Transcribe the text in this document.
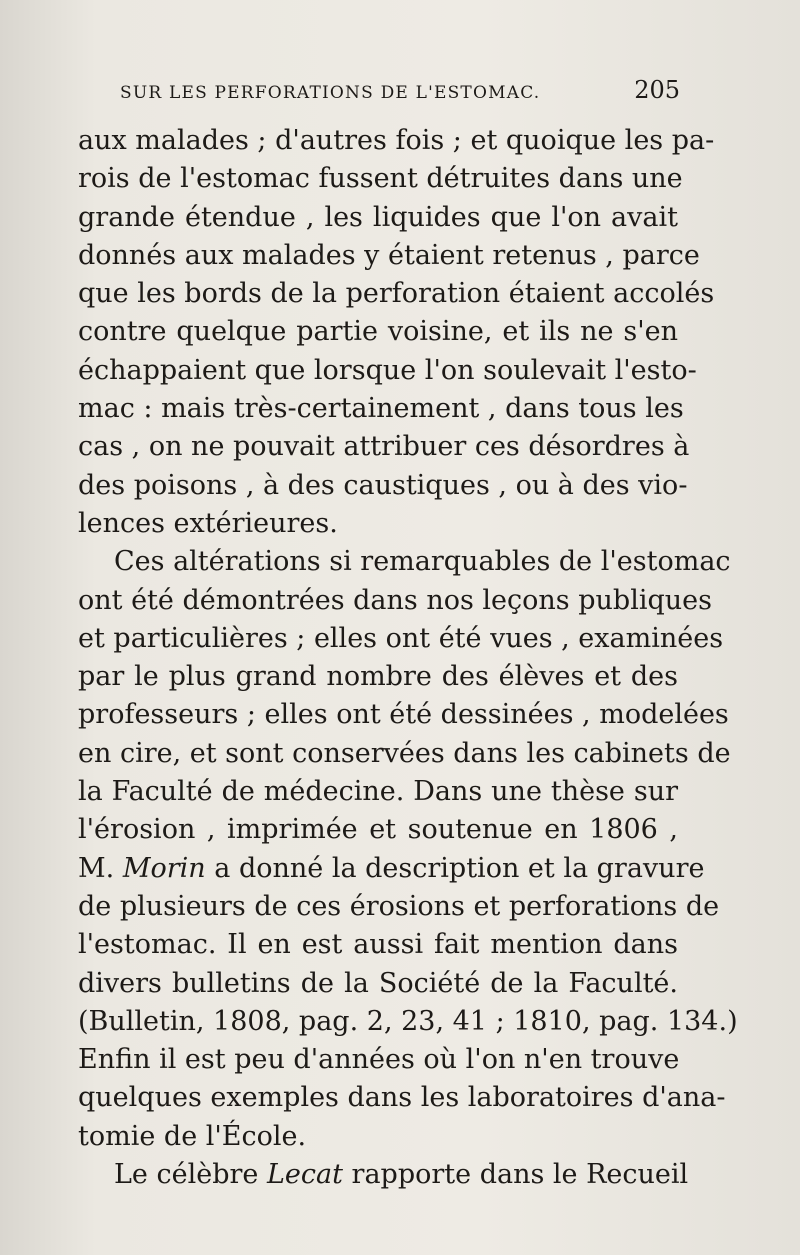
SUR LES PERFORATIONS DE L'ESTOMAC.	205
aux malades ; d'autres fois ; et quoique les pa-
rois de l'estomac fussent détruites dans une
grande étendue , les liquides que l'on avait
donnés aux malades y étaient retenus , parce
que les bords de la perforation étaient accolés
contre quelque partie voisine, et ils ne s'en
échappaient que lorsque l'on soulevait l'esto-
mac : mais très-certainement , dans tous les
cas , on ne pouvait attribuer ces désordres à
des poisons , à des caustiques , ou à des vio-
lences extérieures.
Ces altérations si remarquables de l'estomac
ont été démontrées dans nos leçons publiques
et particulières ; elles ont été vues , examinées
par le plus grand nombre des élèves et des
professeurs ; elles ont été dessinées , modelées
en cire, et sont conservées dans les cabinets de
la Faculté de médecine. Dans une thèse sur
l'érosion , imprimée et soutenue en 1806 ,
M. Morin a donné la description et la gravure
de plusieurs de ces érosions et perforations de
l'estomac. Il en est aussi fait mention dans
divers bulletins de la Société de la Faculté.
(Bulletin, 1808, pag. 2, 23, 41 ; 1810, pag. 134.)
Enfin il est peu d'années où l'on n'en trouve
quelques exemples dans les laboratoires d'ana-
tomie de l'École.
Le célèbre Lecat rapporte dans le Recueil
